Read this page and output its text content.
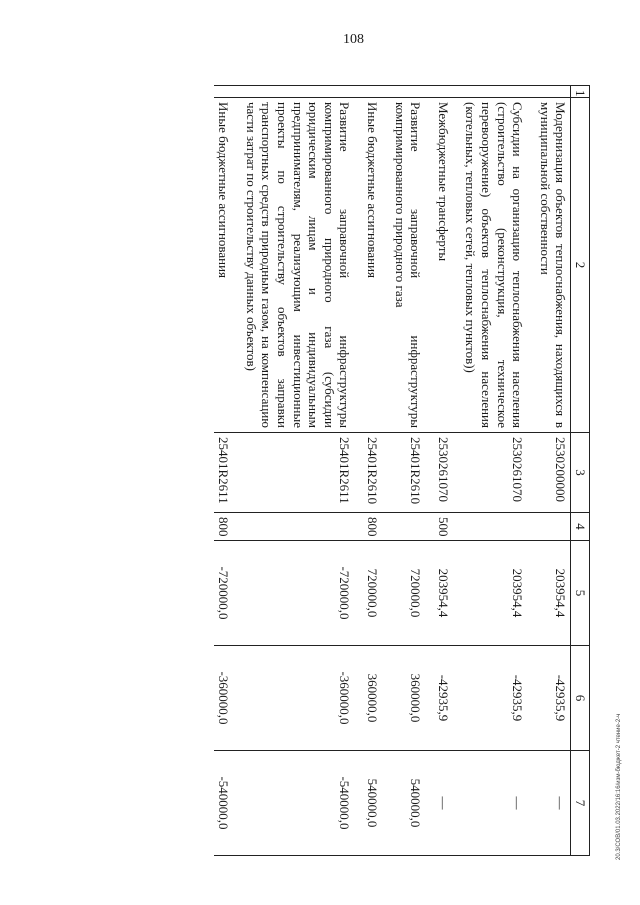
108
20.3/СОВ/01.03.2022/16:16/изм-бюджет-2 чтение-2-ч
1	2	3	4	5	6	7
	Модернизация объектов теплоснабжения, находящихся в муниципальной собственности	2530200000		203954,4	-42935,9	—

	Субсидии на организацию теплоснабжения населения (строительство (реконструкция, техническое перевооружение) объектов теплоснабжения населения (котельных, тепловых сетей, тепловых пунктов))	2530261070		203954,4	-42935,9	—

	Межбюджетные трансферты	2530261070	500	203954,4	-42935,9	—

	Развитие заправочной инфраструктуры компримированного природного газа	25401R2610		720000,0	360000,0	540000,0

	Иные бюджетные ассигнования	25401R2610	800	720000,0	360000,0	540000,0

	Развитие заправочной инфраструктуры компримированного природного газа (субсидии юридическим лицам и индивидуальным предпринимателям, реализующим инвестиционные проекты по строительству объектов заправки транспортных средств природным газом, на компенсацию части затрат по строительству данных объектов)	25401R2611		-720000,0	-360000,0	-540000,0

	Иные бюджетные ассигнования	25401R2611	800	-720000,0	-360000,0	-540000,0
